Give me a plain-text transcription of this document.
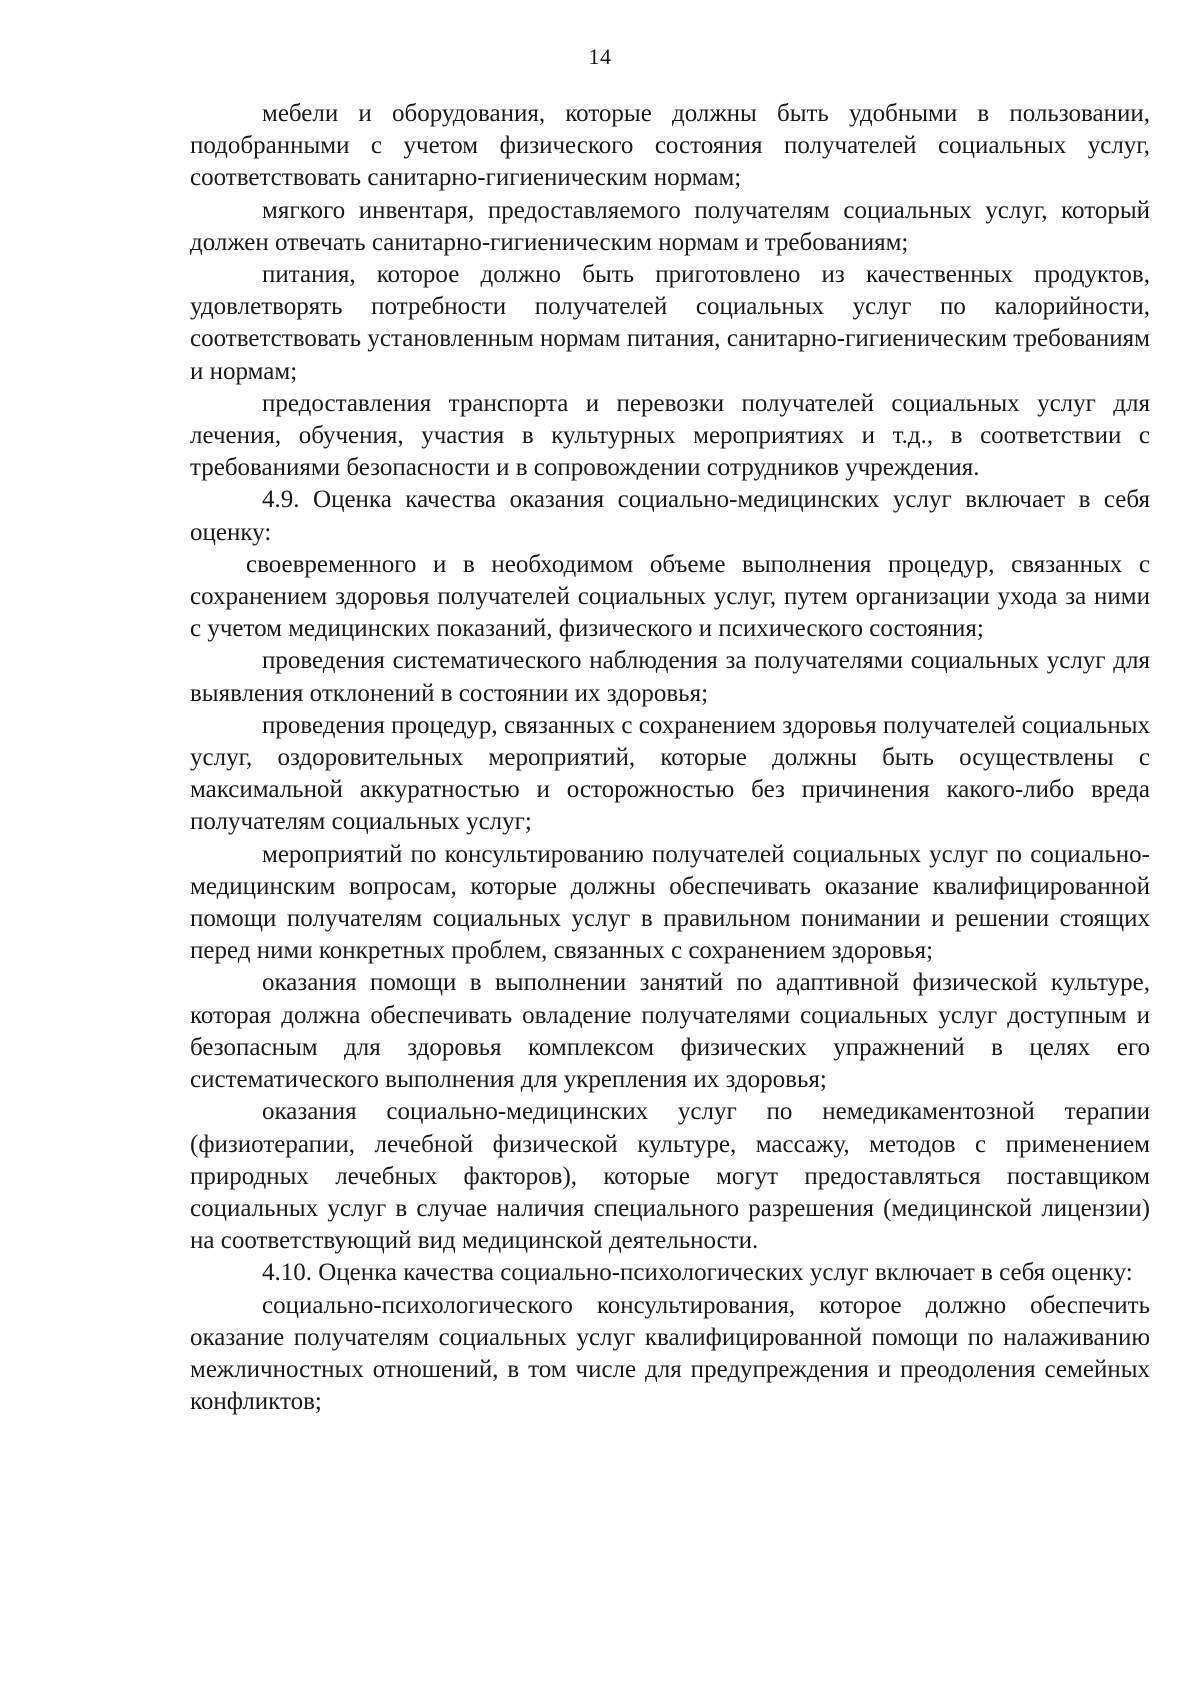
14

мебели и оборудования, которые должны быть удобными в пользовании, подобранными с учетом физического состояния получателей социальных услуг, соответствовать санитарно-гигиеническим нормам;

мягкого инвентаря, предоставляемого получателям социальных услуг, который должен отвечать санитарно-гигиеническим нормам и требованиям;

питания, которое должно быть приготовлено из качественных продуктов, удовлетворять потребности получателей социальных услуг по калорийности, соответствовать установленным нормам питания, санитарно-гигиеническим требованиям и нормам;

предоставления транспорта и перевозки получателей социальных услуг для лечения, обучения, участия в культурных мероприятиях и т.д., в соответствии с требованиями безопасности и в сопровождении сотрудников учреждения.

4.9. Оценка качества оказания социально-медицинских услуг включает в себя оценку:

своевременного и в необходимом объеме выполнения процедур, связанных с сохранением здоровья получателей социальных услуг, путем организации ухода за ними с учетом медицинских показаний, физического и психического состояния;

проведения систематического наблюдения за получателями социальных услуг для выявления отклонений в состоянии их здоровья;

проведения процедур, связанных с сохранением здоровья получателей социальных услуг, оздоровительных мероприятий, которые должны быть осуществлены с максимальной аккуратностью и осторожностью без причинения какого-либо вреда получателям социальных услуг;

мероприятий по консультированию получателей социальных услуг по социально-медицинским вопросам, которые должны обеспечивать оказание квалифицированной помощи получателям социальных услуг в правильном понимании и решении стоящих перед ними конкретных проблем, связанных с сохранением здоровья;

оказания помощи в выполнении занятий по адаптивной физической культуре, которая должна обеспечивать овладение получателями социальных услуг доступным и безопасным для здоровья комплексом физических упражнений в целях его систематического выполнения для укрепления их здоровья;

оказания социально-медицинских услуг по немедикаментозной терапии (физиотерапии, лечебной физической культуре, массажу, методов с применением природных лечебных факторов), которые могут предоставляться поставщиком социальных услуг в случае наличия специального разрешения (медицинской лицензии) на соответствующий вид медицинской деятельности.

4.10. Оценка качества социально-психологических услуг включает в себя оценку:

социально-психологического консультирования, которое должно обеспечить оказание получателям социальных услуг квалифицированной помощи по налаживанию межличностных отношений, в том числе для предупреждения и преодоления семейных конфликтов;
